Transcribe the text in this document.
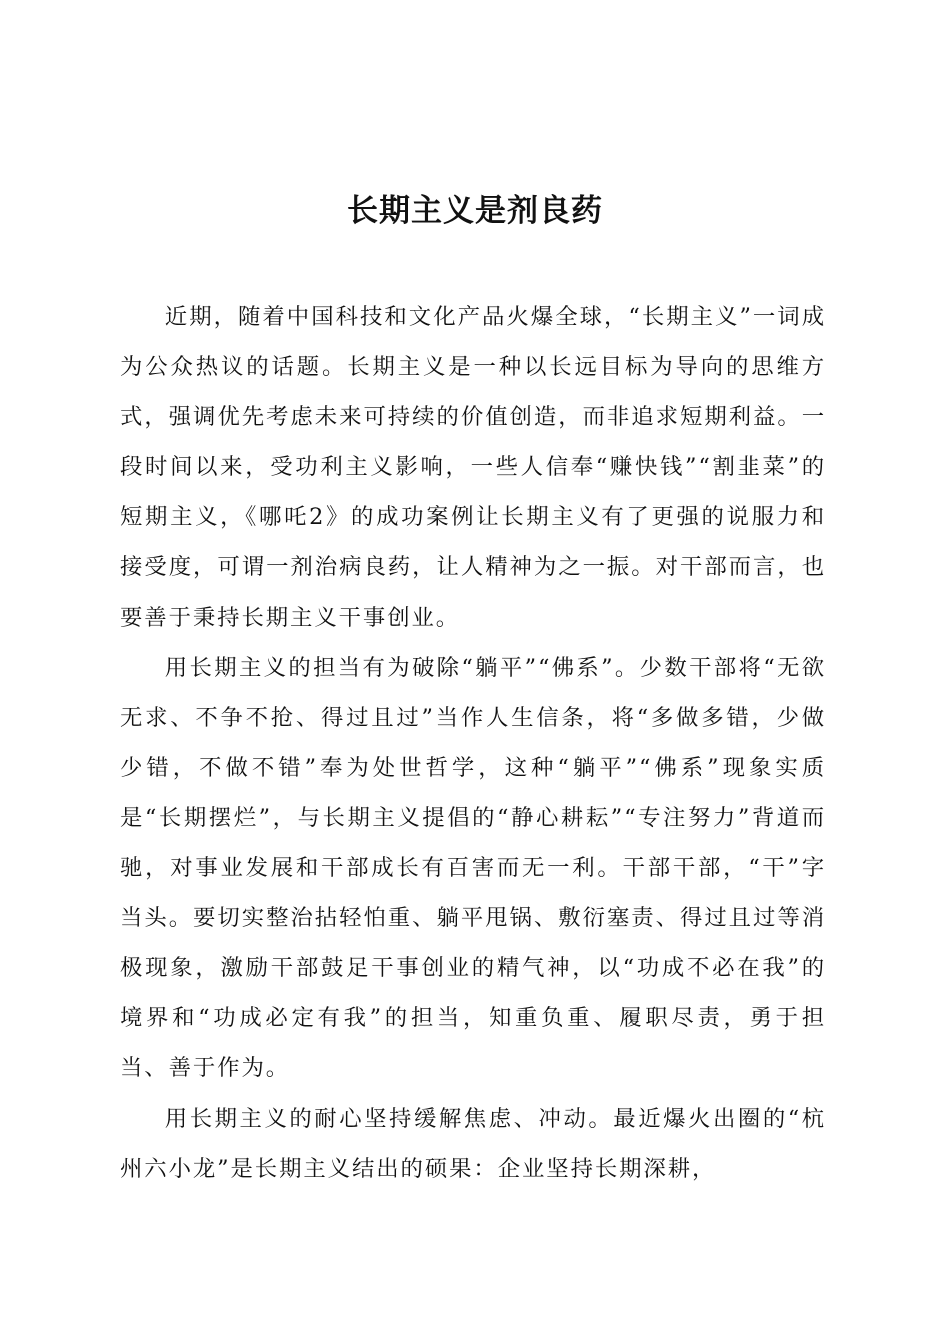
长期主义是剂良药

近期，随着中国科技和文化产品火爆全球，“长期主义”一词成为公众热议的话题。长期主义是一种以长远目标为导向的思维方式，强调优先考虑未来可持续的价值创造，而非追求短期利益。一段时间以来，受功利主义影响，一些人信奉“赚快钱”“割韭菜”的短期主义，《哪吒2》的成功案例让长期主义有了更强的说服力和接受度，可谓一剂治病良药，让人精神为之一振。对干部而言，也要善于秉持长期主义干事创业。

用长期主义的担当有为破除“躺平”“佛系”。少数干部将“无欲无求、不争不抢、得过且过”当作人生信条，将“多做多错，少做少错，不做不错”奉为处世哲学，这种“躺平”“佛系”现象实质是“长期摆烂”，与长期主义提倡的“静心耕耘”“专注努力”背道而驰，对事业发展和干部成长有百害而无一利。干部干部，“干”字当头。要切实整治拈轻怕重、躺平甩锅、敷衍塞责、得过且过等消极现象，激励干部鼓足干事创业的精气神，以“功成不必在我”的境界和“功成必定有我”的担当，知重负重、履职尽责，勇于担当、善于作为。

用长期主义的耐心坚持缓解焦虑、冲动。最近爆火出圈的“杭州六小龙”是长期主义结出的硕果：企业坚持长期深耕，
